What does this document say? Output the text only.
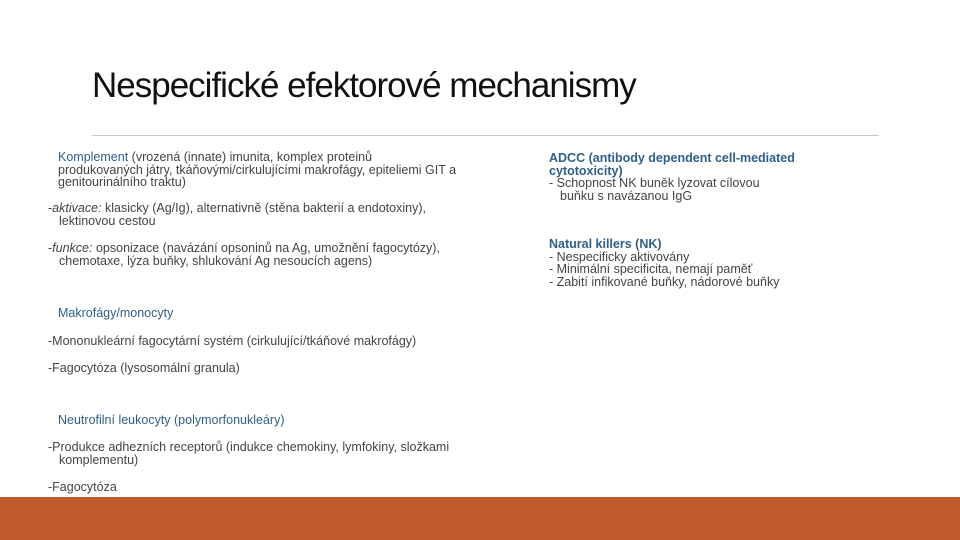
Nespecifické efektorové mechanismy
Komplement (vrozená (innate) imunita, komplex proteinů
produkovaných játry, tkáňovými/cirkulujícími makrofágy, epiteliemi GIT a
genitourinálního traktu)
-aktivace: klasicky (Ag/Ig), alternativně (stěna bakterií a endotoxiny),
lektinovou cestou
-funkce: opsonizace (navázání opsoninů na Ag, umožnění fagocytózy),
chemotaxe, lýza buňky, shlukování Ag nesoucích agens)
Makrofágy/monocyty
-Mononukleární fagocytární systém (cirkulující/tkáňové makrofágy)
-Fagocytóza (lysosomální granula)
Neutrofilní leukocyty (polymorfonukleáry)
-Produkce adhezních receptorů (indukce chemokiny, lymfokiny, složkami
komplementu)
-Fagocytóza
ADCC (antibody dependent cell-mediated
cytotoxicity)
- Schopnost NK buněk lyzovat cílovou
buňku s navázanou IgG
Natural killers (NK)
- Nespecificky aktivovány
- Minimální specificita, nemají paměť
- Zabití infikované buňky, nádorové buňky
